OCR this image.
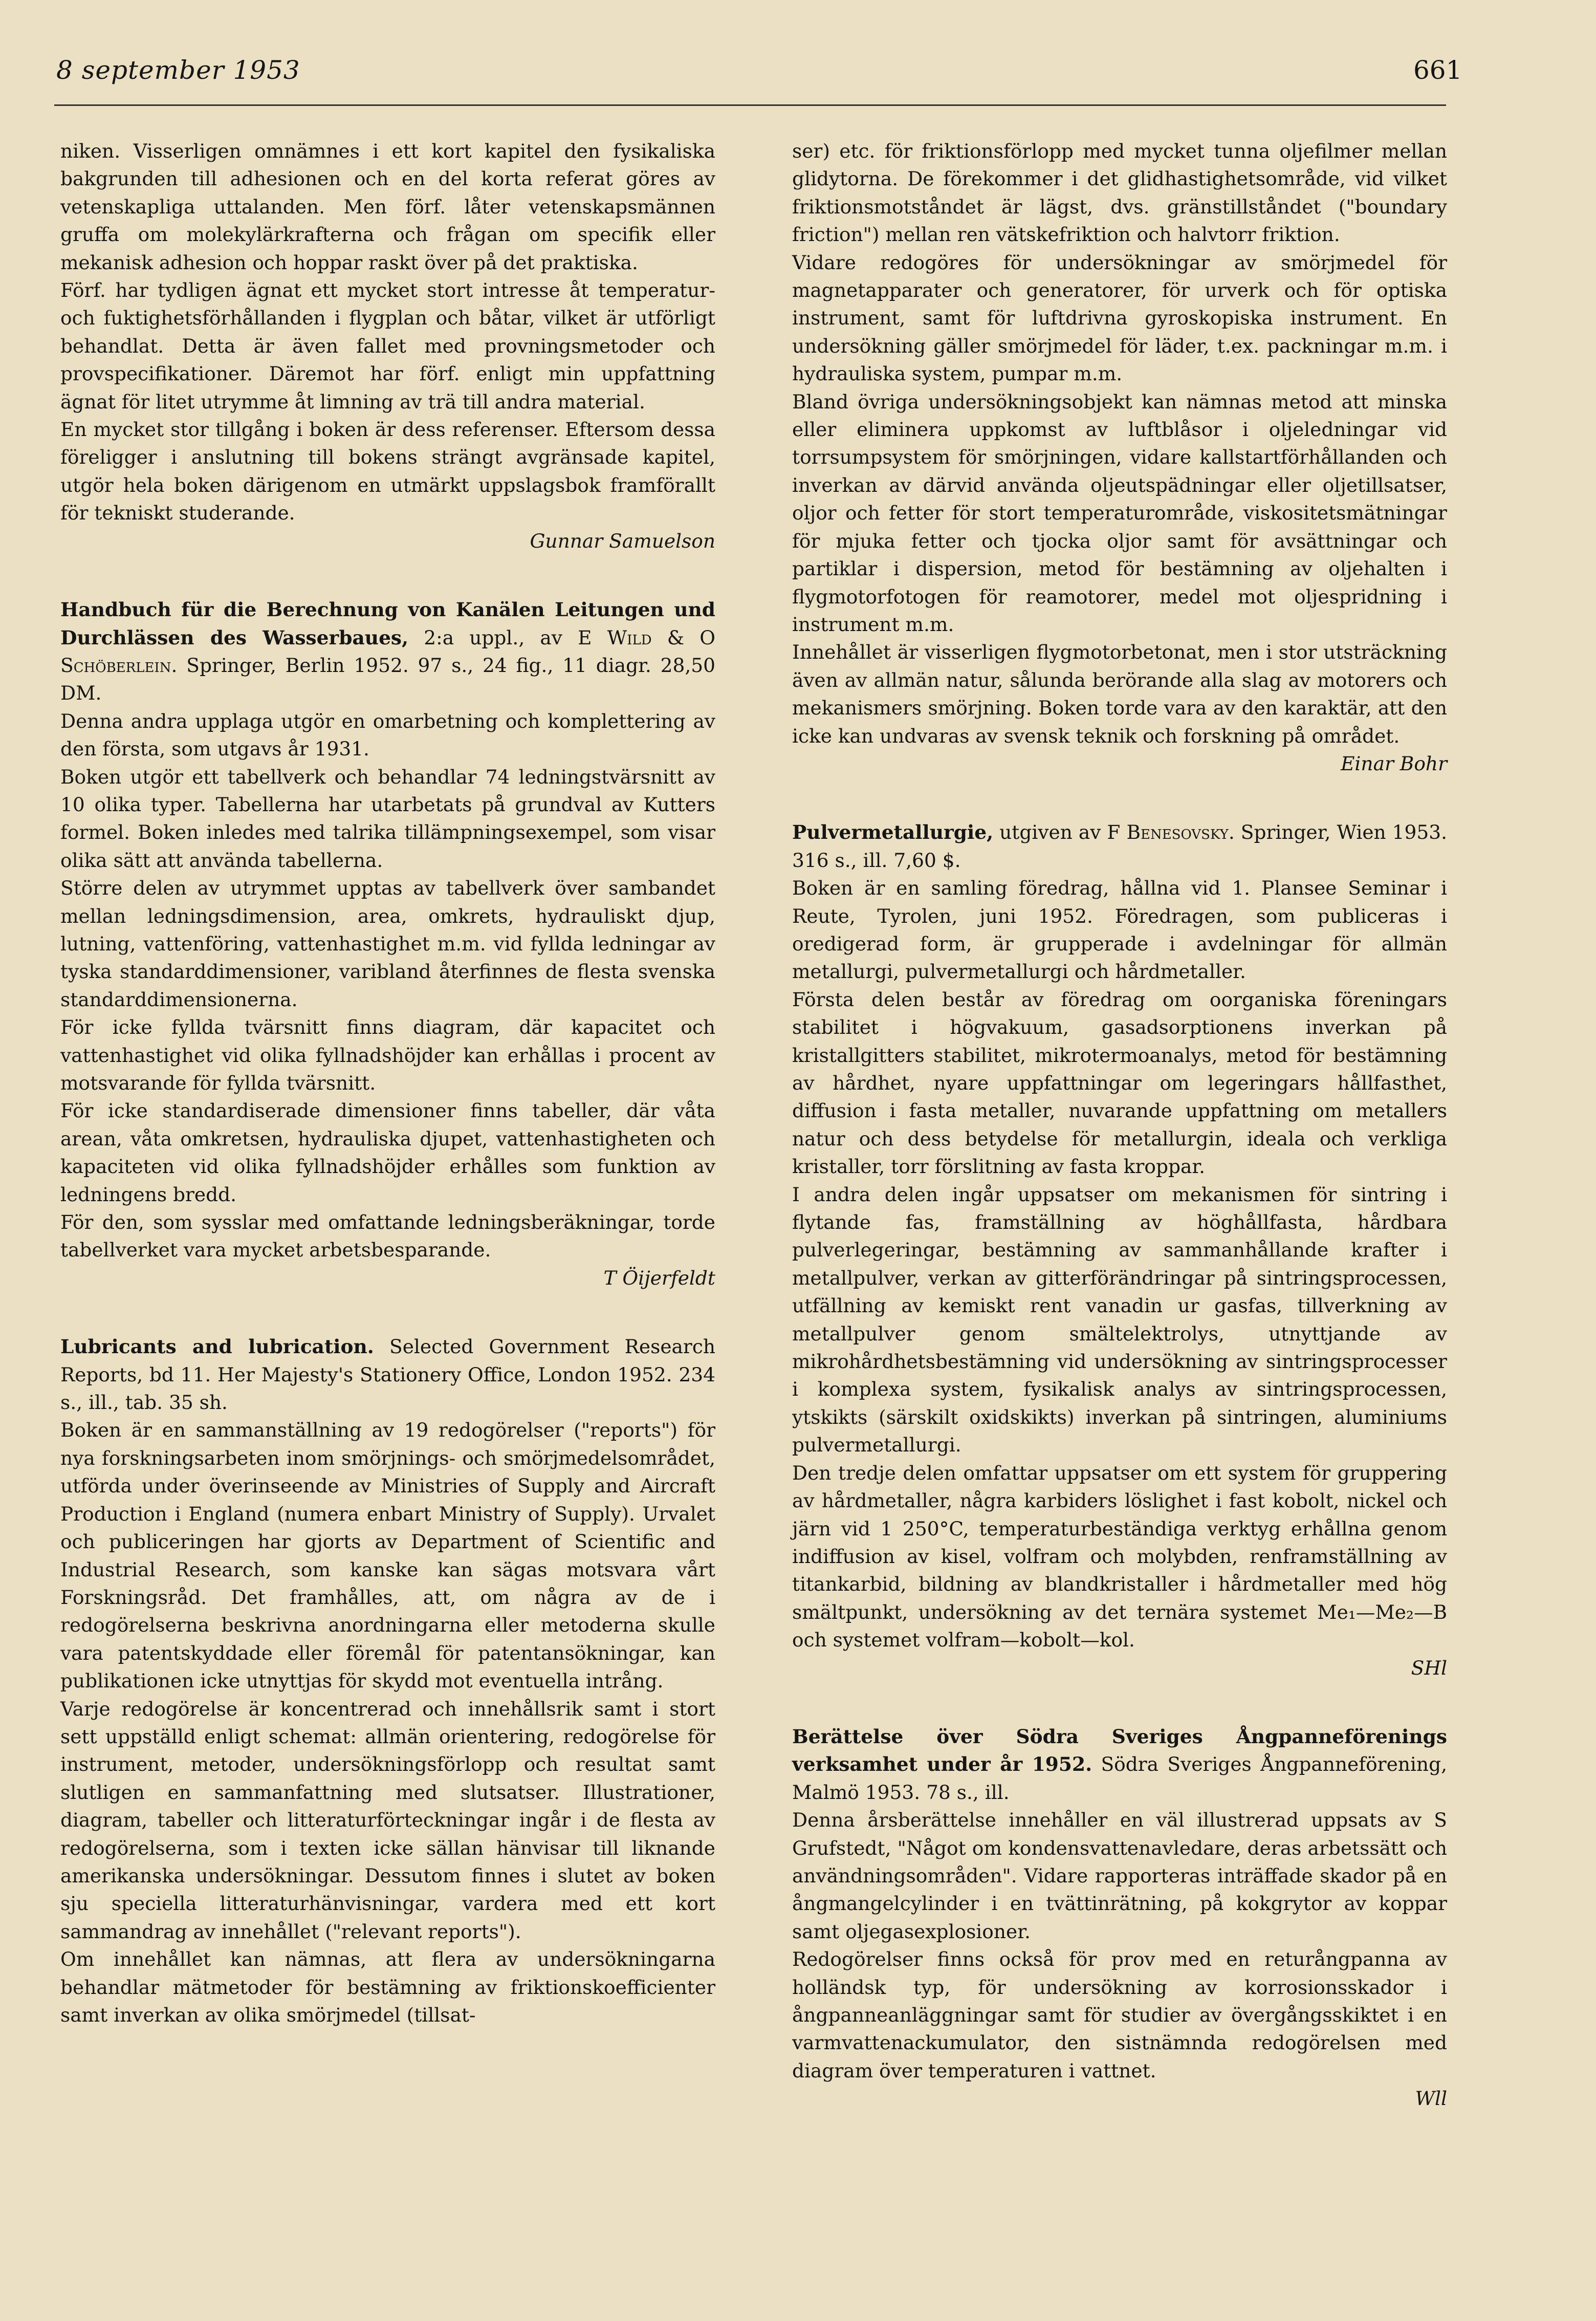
8 september 1953	661

niken. Visserligen omnämnes i ett kort kapitel den fysikaliska bakgrunden till adhesionen och en del korta referat göres av vetenskapliga uttalanden. Men förf. låter vetenskapsmännen gruffa om molekylärkrafterna och frågan om specifik eller mekanisk adhesion och hoppar raskt över på det praktiska.

Förf. har tydligen ägnat ett mycket stort intresse åt temperatur- och fuktighetsförhållanden i flygplan och båtar, vilket är utförligt behandlat. Detta är även fallet med provningsmetoder och provspecifikationer. Däremot har förf. enligt min uppfattning ägnat för litet utrymme åt limning av trä till andra material.

En mycket stor tillgång i boken är dess referenser. Eftersom dessa föreligger i anslutning till bokens strängt avgränsade kapitel, utgör hela boken därigenom en utmärkt uppslagsbok framförallt för tekniskt studerande.

Gunnar Samuelson

Handbuch für die Berechnung von Kanälen Leitungen und Durchlässen des Wasserbaues, 2:a uppl., av E Wild & O Schöberlein. Springer, Berlin 1952. 97 s., 24 fig., 11 diagr. 28,50 DM.

Denna andra upplaga utgör en omarbetning och komplettering av den första, som utgavs år 1931.

Boken utgör ett tabellverk och behandlar 74 ledningstvärsnitt av 10 olika typer. Tabellerna har utarbetats på grundval av Kutters formel. Boken inledes med talrika tillämpningsexempel, som visar olika sätt att använda tabellerna.

Större delen av utrymmet upptas av tabellverk över sambandet mellan ledningsdimension, area, omkrets, hydrauliskt djup, lutning, vattenföring, vattenhastighet m.m. vid fyllda ledningar av tyska standarddimensioner, varibland återfinnes de flesta svenska standarddimensionerna.

För icke fyllda tvärsnitt finns diagram, där kapacitet och vattenhastighet vid olika fyllnadshöjder kan erhållas i procent av motsvarande för fyllda tvärsnitt.

För icke standardiserade dimensioner finns tabeller, där våta arean, våta omkretsen, hydrauliska djupet, vattenhastigheten och kapaciteten vid olika fyllnadshöjder erhålles som funktion av ledningens bredd.

För den, som sysslar med omfattande ledningsberäkningar, torde tabellverket vara mycket arbetsbesparande.

T Öijerfeldt

Lubricants and lubrication. Selected Government Research Reports, bd 11. Her Majesty's Stationery Office, London 1952. 234 s., ill., tab. 35 sh.

Boken är en sammanställning av 19 redogörelser ("reports") för nya forskningsarbeten inom smörjnings- och smörjmedelsområdet, utförda under överinseende av Ministries of Supply and Aircraft Production i England (numera enbart Ministry of Supply). Urvalet och publiceringen har gjorts av Department of Scientific and Industrial Research, som kanske kan sägas motsvara vårt Forskningsråd. Det framhålles, att, om några av de i redogörelserna beskrivna anordningarna eller metoderna skulle vara patentskyddade eller föremål för patentansökningar, kan publikationen icke utnyttjas för skydd mot eventuella intrång.

Varje redogörelse är koncentrerad och innehållsrik samt i stort sett uppställd enligt schemat: allmän orientering, redogörelse för instrument, metoder, undersökningsförlopp och resultat samt slutligen en sammanfattning med slutsatser. Illustrationer, diagram, tabeller och litteraturförteckningar ingår i de flesta av redogörelserna, som i texten icke sällan hänvisar till liknande amerikanska undersökningar. Dessutom finnes i slutet av boken sju speciella litteraturhänvisningar, vardera med ett kort sammandrag av innehållet ("relevant reports").

Om innehållet kan nämnas, att flera av undersökningarna behandlar mätmetoder för bestämning av friktionskoefficienter samt inverkan av olika smörjmedel (tillsat-

ser) etc. för friktionsförlopp med mycket tunna oljefilmer mellan glidytorna. De förekommer i det glidhastighetsområde, vid vilket friktionsmotståndet är lägst, dvs. gränstillståndet ("boundary friction") mellan ren vätskefriktion och halvtorr friktion.

Vidare redogöres för undersökningar av smörjmedel för magnetapparater och generatorer, för urverk och för optiska instrument, samt för luftdrivna gyroskopiska instrument. En undersökning gäller smörjmedel för läder, t.ex. packningar m.m. i hydrauliska system, pumpar m.m.

Bland övriga undersökningsobjekt kan nämnas metod att minska eller eliminera uppkomst av luftblåsor i oljeledningar vid torrsumpsystem för smörjningen, vidare kallstartförhållanden och inverkan av därvid använda oljeutspädningar eller oljetillsatser, oljor och fetter för stort temperaturområde, viskositetsmätningar för mjuka fetter och tjocka oljor samt för avsättningar och partiklar i dispersion, metod för bestämning av oljehalten i flygmotorfotogen för reamotorer, medel mot oljespridning i instrument m.m.

Innehållet är visserligen flygmotorbetonat, men i stor utsträckning även av allmän natur, sålunda berörande alla slag av motorers och mekanismers smörjning. Boken torde vara av den karaktär, att den icke kan undvaras av svensk teknik och forskning på området.

Einar Bohr

Pulvermetallurgie, utgiven av F Benesovsky. Springer, Wien 1953. 316 s., ill. 7,60 $.

Boken är en samling föredrag, hållna vid 1. Plansee Seminar i Reute, Tyrolen, juni 1952. Föredragen, som publiceras i oredigerad form, är grupperade i avdelningar för allmän metallurgi, pulvermetallurgi och hårdmetaller.

Första delen består av föredrag om oorganiska föreningars stabilitet i högvakuum, gasadsorptionens inverkan på kristallgitters stabilitet, mikrotermoanalys, metod för bestämning av hårdhet, nyare uppfattningar om legeringars hållfasthet, diffusion i fasta metaller, nuvarande uppfattning om metallers natur och dess betydelse för metallurgin, ideala och verkliga kristaller, torr förslitning av fasta kroppar.

I andra delen ingår uppsatser om mekanismen för sintring i flytande fas, framställning av höghållfasta, hårdbara pulverlegeringar, bestämning av sammanhållande krafter i metallpulver, verkan av gitterförändringar på sintringsprocessen, utfällning av kemiskt rent vanadin ur gasfas, tillverkning av metallpulver genom smältelektrolys, utnyttjande av mikrohårdhetsbestämning vid undersökning av sintringsprocesser i komplexa system, fysikalisk analys av sintringsprocessen, ytskikts (särskilt oxidskikts) inverkan på sintringen, aluminiums pulvermetallurgi.

Den tredje delen omfattar uppsatser om ett system för gruppering av hårdmetaller, några karbiders löslighet i fast kobolt, nickel och järn vid 1 250°C, temperaturbeständiga verktyg erhållna genom indiffusion av kisel, volfram och molybden, renframställning av titankarbid, bildning av blandkristaller i hårdmetaller med hög smältpunkt, undersökning av det ternära systemet Me₁—Me₂—B och systemet volfram—kobolt—kol.

SHl

Berättelse över Södra Sveriges Ångpanneförenings verksamhet under år 1952. Södra Sveriges Ångpanneförening, Malmö 1953. 78 s., ill.

Denna årsberättelse innehåller en väl illustrerad uppsats av S Grufstedt, "Något om kondensvattenavledare, deras arbetssätt och användningsområden". Vidare rapporteras inträffade skador på en ångmangelcylinder i en tvättinrätning, på kokgrytor av koppar samt oljegasexplosioner.

Redogörelser finns också för prov med en returångpanna av holländsk typ, för undersökning av korrosionsskador i ångpanneanläggningar samt för studier av övergångsskiktet i en varmvattenackumulator, den sistnämnda redogörelsen med diagram över temperaturen i vattnet.

Wll
